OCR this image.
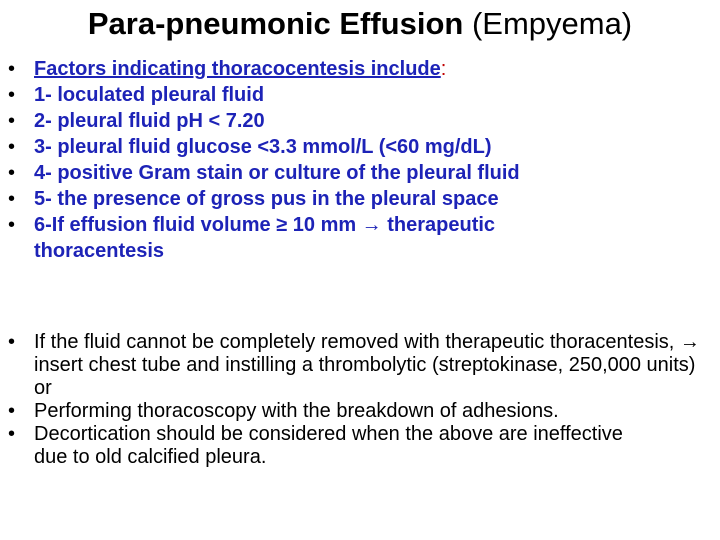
Para-pneumonic Effusion (Empyema)
• Factors indicating thoracocentesis include:
• 1- loculated pleural fluid
• 2- pleural fluid pH < 7.20
• 3- pleural fluid glucose <3.3 mmol/L (<60 mg/dL)
• 4- positive Gram stain or culture of the pleural fluid
• 5- the presence of gross pus in the pleural space
• 6-If effusion fluid volume ≥ 10 mm → therapeutic thoracentesis
• If the fluid cannot be completely removed with therapeutic thoracentesis, → insert chest tube and instilling a thrombolytic (streptokinase, 250,000 units) or
• Performing thoracoscopy with the breakdown of adhesions.
• Decortication should be considered when the above are ineffective due to old calcified pleura.
